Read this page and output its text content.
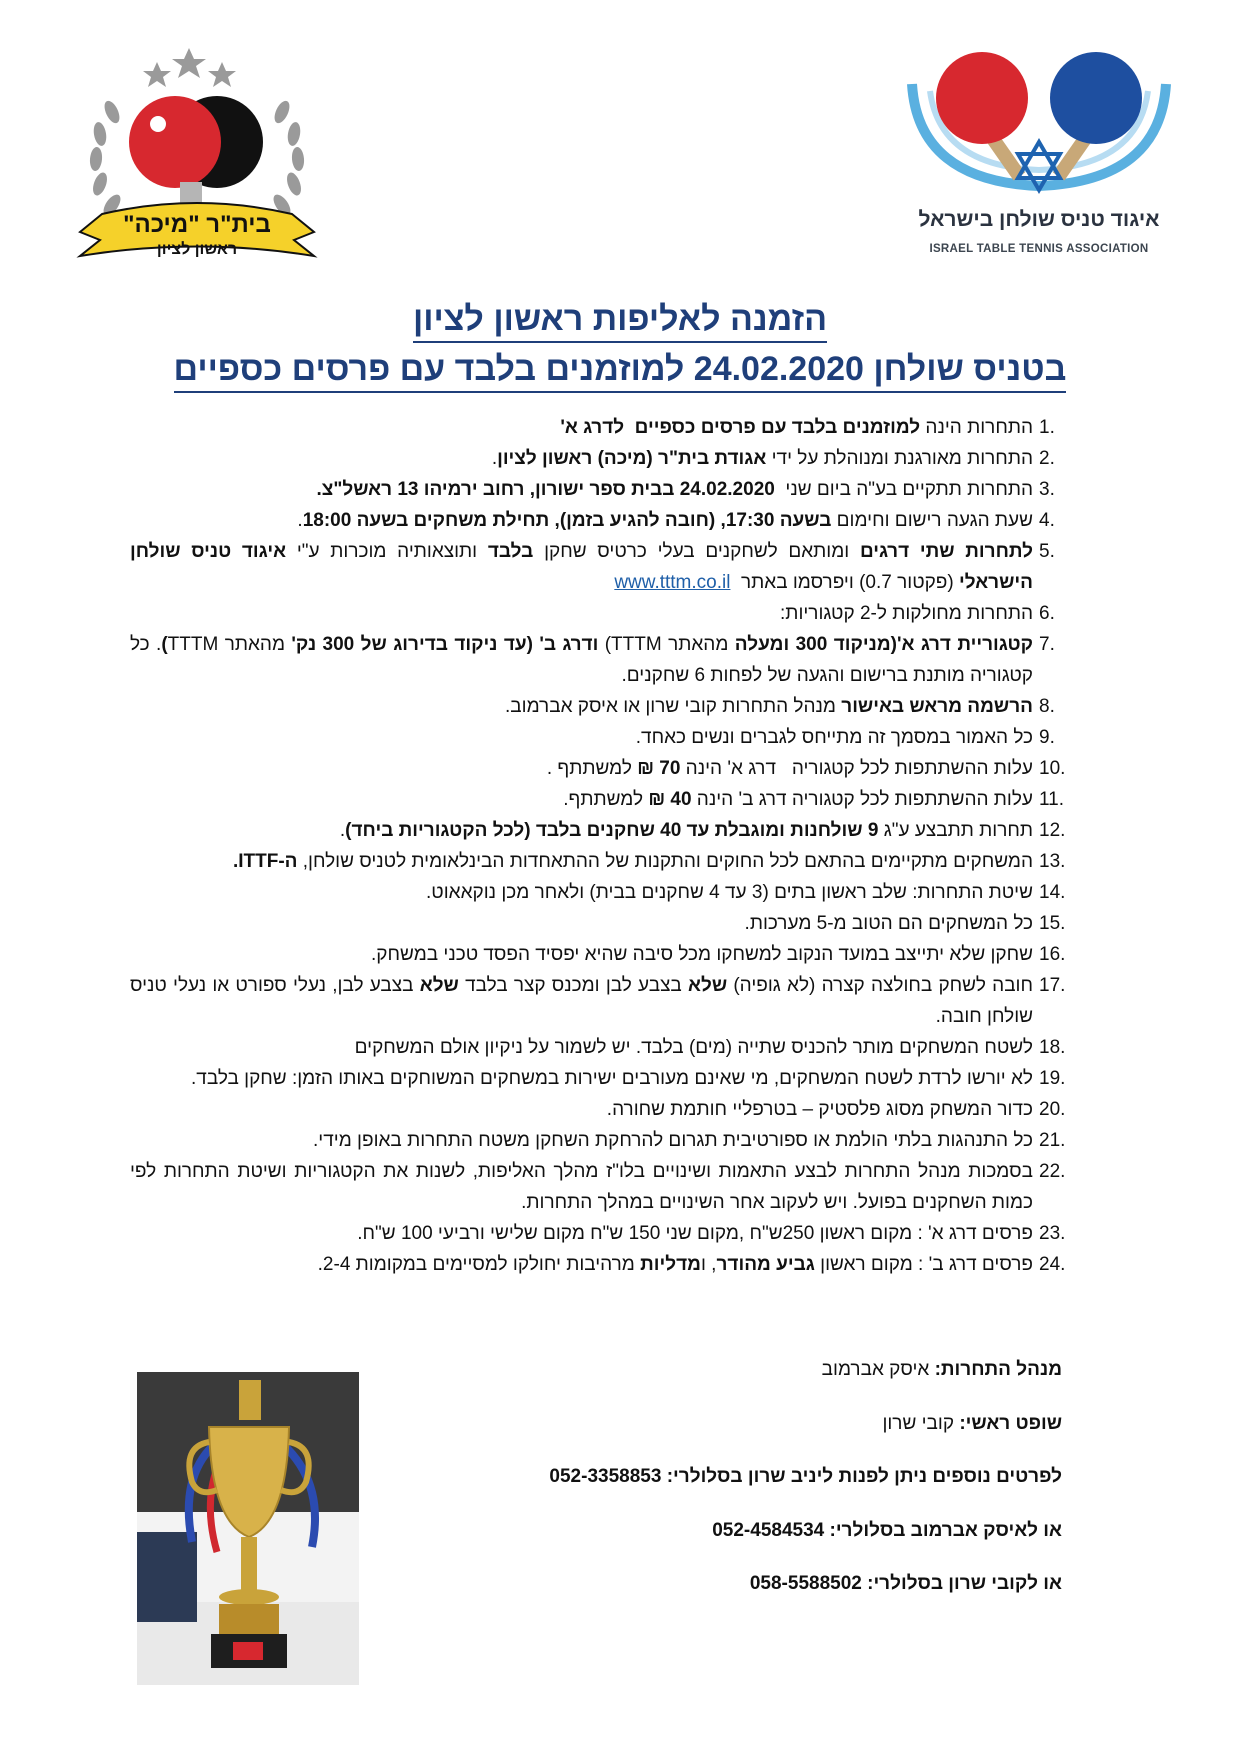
בית"ר "מיכה"
ראשון לציון
איגוד טניס שולחן בישראל
ISRAEL TABLE TENNIS ASSOCIATION
הזמנה לאליפות ראשון לציון
בטניס שולחן 24.02.2020 למוזמנים בלבד עם פרסים כספיים
1.
התחרות הינה למוזמנים בלבד עם פרסים כספיים  לדרג א'
2.
התחרות מאורגנת ומנוהלת על ידי אגודת בית"ר (מיכה) ראשון לציון.
3.
התחרות תתקיים בע"ה ביום שני  24.02.2020 בבית ספר ישורון, רחוב ירמיהו 13 ראשל"צ.
4.
שעת הגעה רישום וחימום בשעה 17:30, (חובה להגיע בזמן), תחילת משחקים בשעה 18:00.
5.
לתחרות שתי דרגים ומותאם לשחקנים בעלי כרטיס שחקן בלבד ותוצאותיה מוכרות ע"י איגוד טניס שולחן הישראלי (פקטור 0.7) ויפרסמו באתר  www.tttm.co.il
6.
התחרות מחולקות ל-2 קטגוריות:
7.
קטגוריית דרג א'(מניקוד 300 ומעלה מהאתר TTTM) ודרג ב' (עד ניקוד בדירוג של 300 נק' מהאתר TTTM). כל קטגוריה מותנת ברישום והגעה של לפחות 6 שחקנים.
8.
הרשמה מראש באישור מנהל התחרות קובי שרון או איסק אברמוב.
9.
כל האמור במסמך זה מתייחס לגברים ונשים כאחד.
10.
עלות ההשתתפות לכל קטגוריה   דרג א' הינה 70 ₪ למשתתף .
11.
עלות ההשתתפות לכל קטגוריה דרג ב' הינה 40 ₪ למשתתף.
12.
תחרות תתבצע ע"ג 9 שולחנות ומוגבלת עד 40 שחקנים בלבד (לכל הקטגוריות ביחד).
13.
המשחקים מתקיימים בהתאם לכל החוקים והתקנות של ההתאחדות הבינלאומית לטניס שולחן, ה-ITTF.
14.
שיטת התחרות: שלב ראשון בתים (3 עד 4 שחקנים בבית) ולאחר מכן נוקאאוט.
15.
כל המשחקים הם הטוב מ-5 מערכות.
16.
שחקן שלא יתייצב במועד הנקוב למשחקו מכל סיבה שהיא יפסיד הפסד טכני במשחק.
17.
חובה לשחק בחולצה קצרה (לא גופיה) שלא בצבע לבן ומכנס קצר בלבד שלא בצבע לבן, נעלי ספורט או נעלי טניס שולחן חובה.
18.
לשטח המשחקים מותר להכניס שתייה (מים) בלבד. יש לשמור על ניקיון אולם המשחקים
19.
לא יורשו לרדת לשטח המשחקים, מי שאינם מעורבים ישירות במשחקים המשוחקים באותו הזמן: שחקן בלבד.
20.
כדור המשחק מסוג פלסטיק – בטרפליי חותמת שחורה.
21.
כל התנהגות בלתי הולמת או ספורטיבית תגרום להרחקת השחקן משטח התחרות באופן מידי.
22.
בסמכות מנהל התחרות לבצע התאמות ושינויים בלו"ז מהלך האליפות, לשנות את הקטגוריות ושיטת התחרות לפי כמות השחקנים בפועל. ויש לעקוב אחר השינויים במהלך התחרות.
23.
פרסים דרג א' : מקום ראשון 250ש"ח ,מקום שני 150 ש"ח מקום שלישי ורביעי 100 ש"ח.
24.
פרסים דרג ב' : מקום ראשון גביע מהודר, ומדליות מרהיבות יחולקו למסיימים במקומות 2-4.
מנהל התחרות: איסק אברמוב
שופט ראשי: קובי שרון
לפרטים נוספים ניתן לפנות ליניב שרון בסלולרי: 052-3358853
או לאיסק אברמוב בסלולרי: 052-4584534
או לקובי שרון בסלולרי: 058-5588502
